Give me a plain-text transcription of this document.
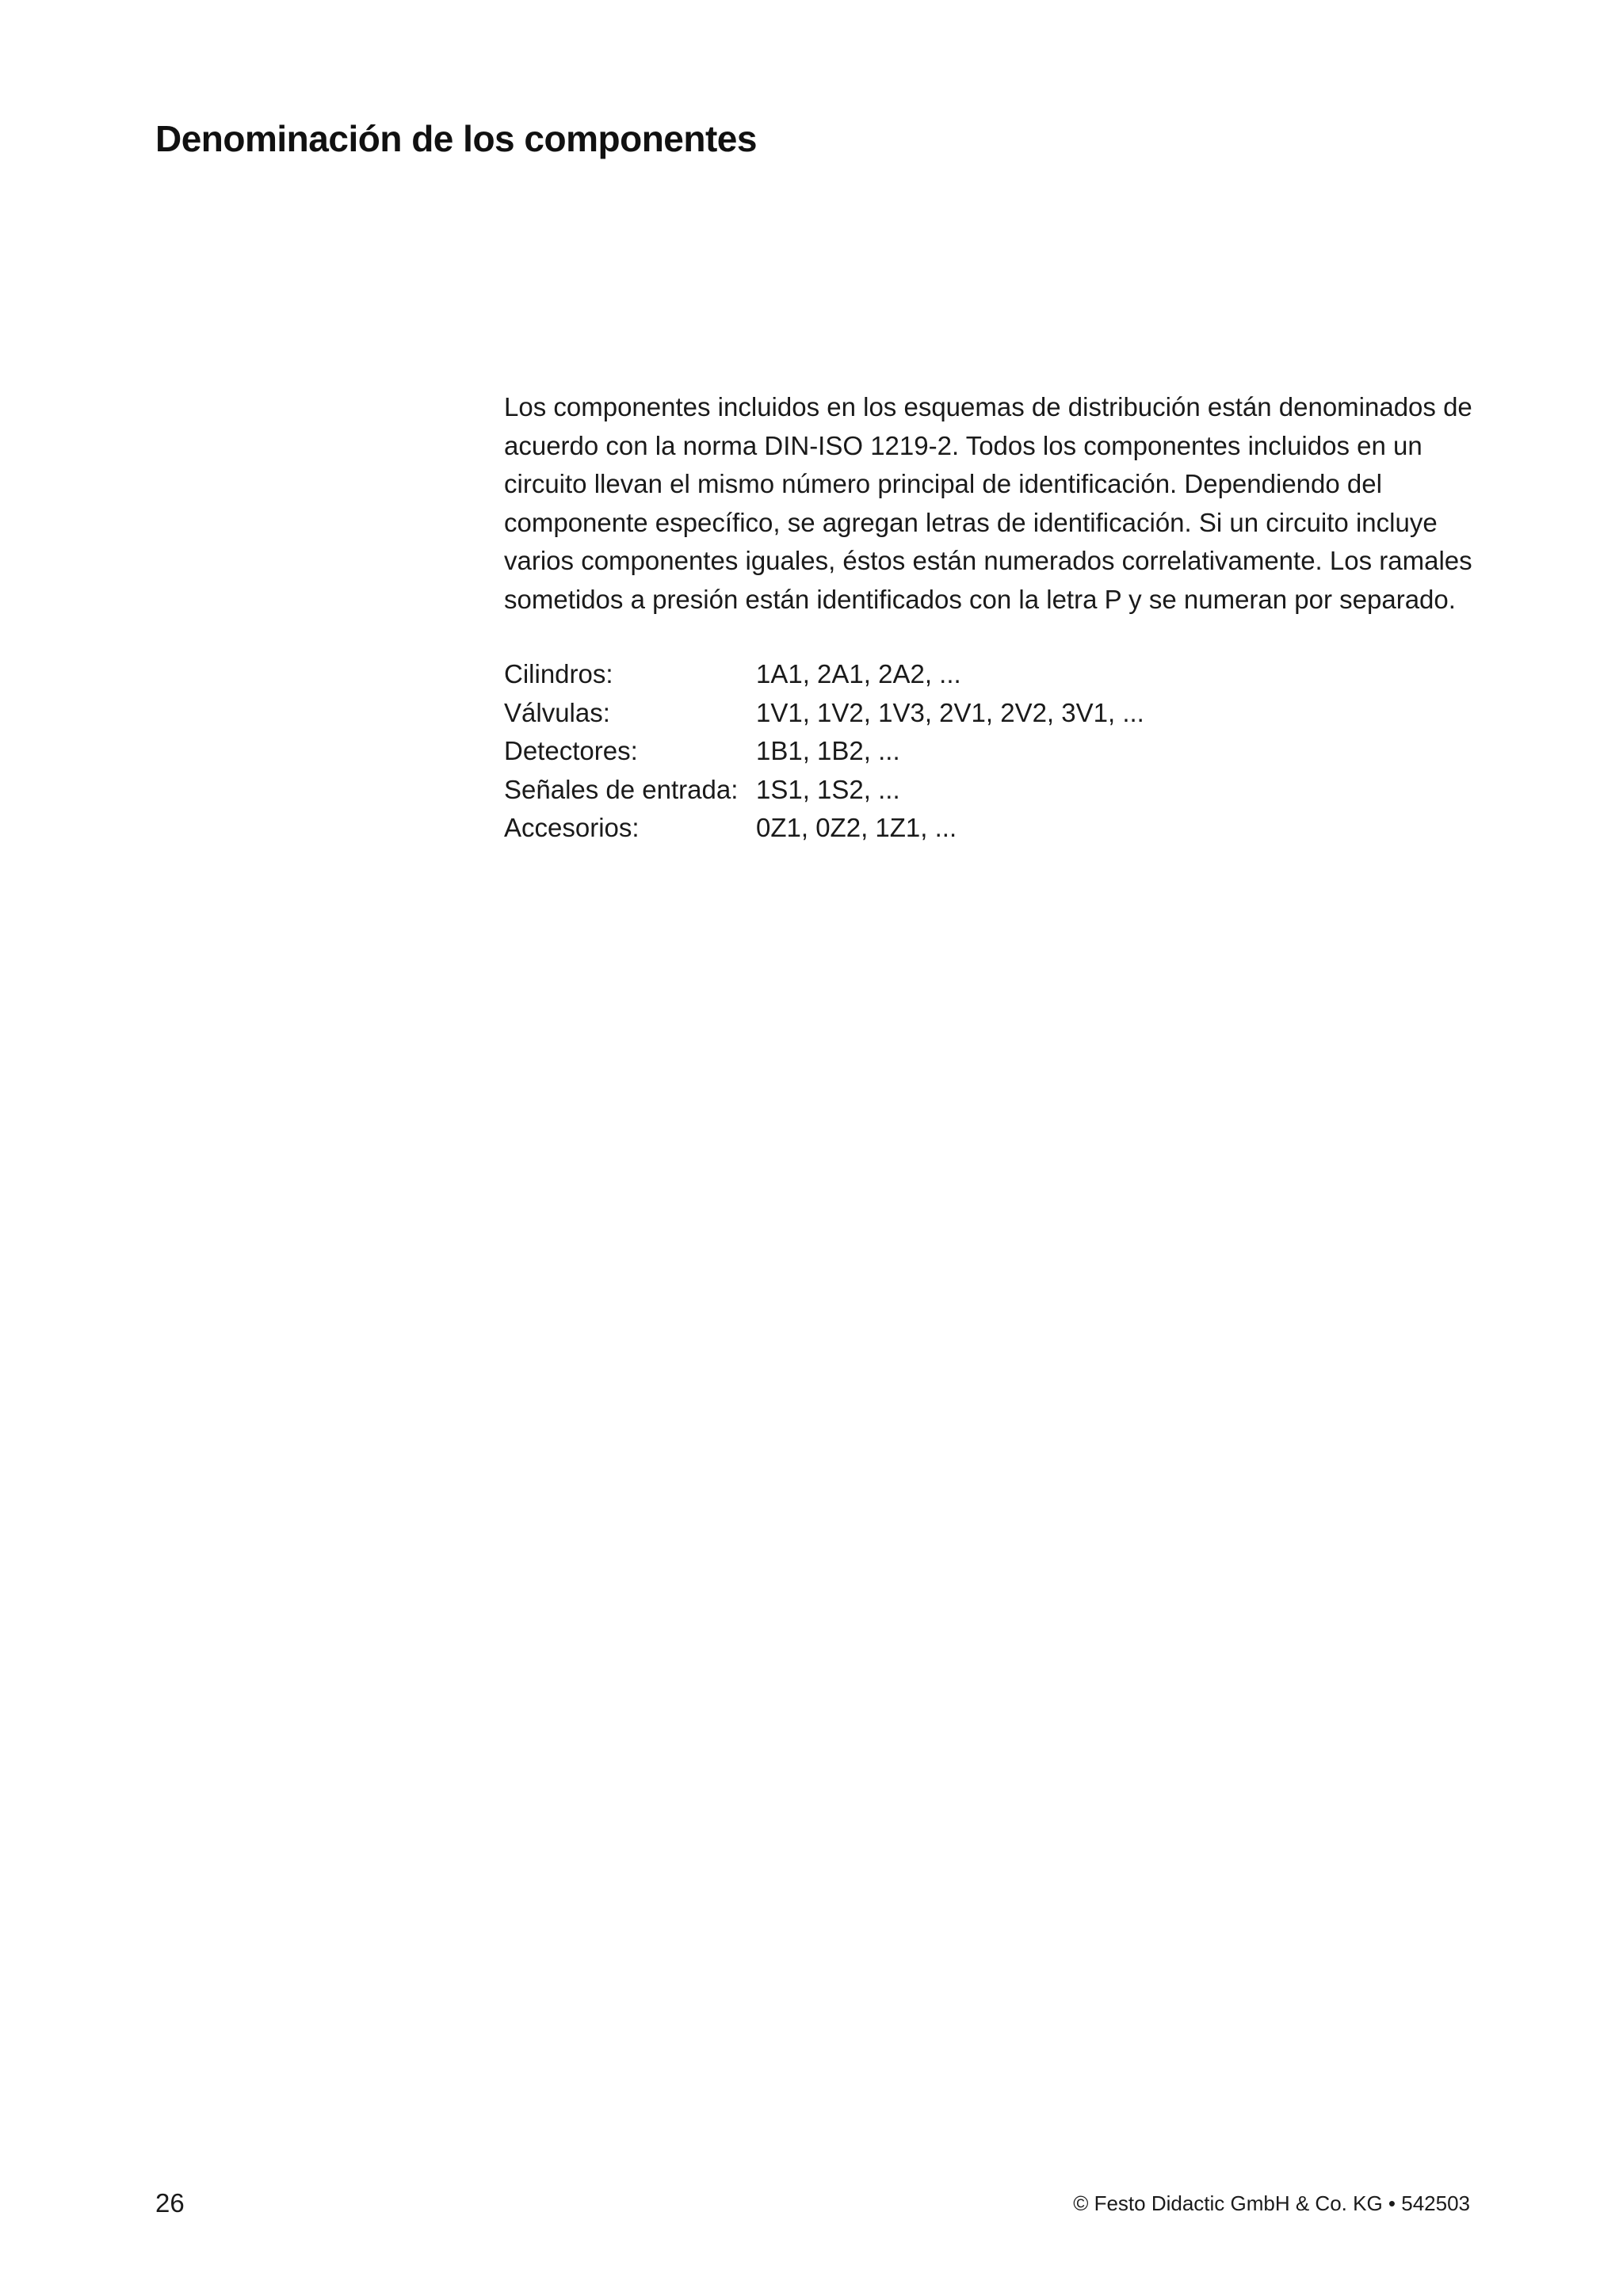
Denominación de los componentes
Los componentes incluidos en los esquemas de distribución están denominados de
acuerdo con la norma DIN-ISO 1219-2. Todos los componentes incluidos en un
circuito llevan el mismo número principal de identificación. Dependiendo del
componente específico, se agregan letras de identificación. Si un circuito incluye
varios componentes iguales, éstos están numerados correlativamente. Los ramales
sometidos a presión están identificados con la letra P y se numeran por separado.
Cilindros:	1A1, 2A1, 2A2, ...
Válvulas:	1V1, 1V2, 1V3, 2V1, 2V2, 3V1, ...
Detectores:	1B1, 1B2, ...
Señales de entrada: 1S1, 1S2, ...
Accesorios:	0Z1, 0Z2, 1Z1, ...
26	© Festo Didactic GmbH & Co. KG • 542503
